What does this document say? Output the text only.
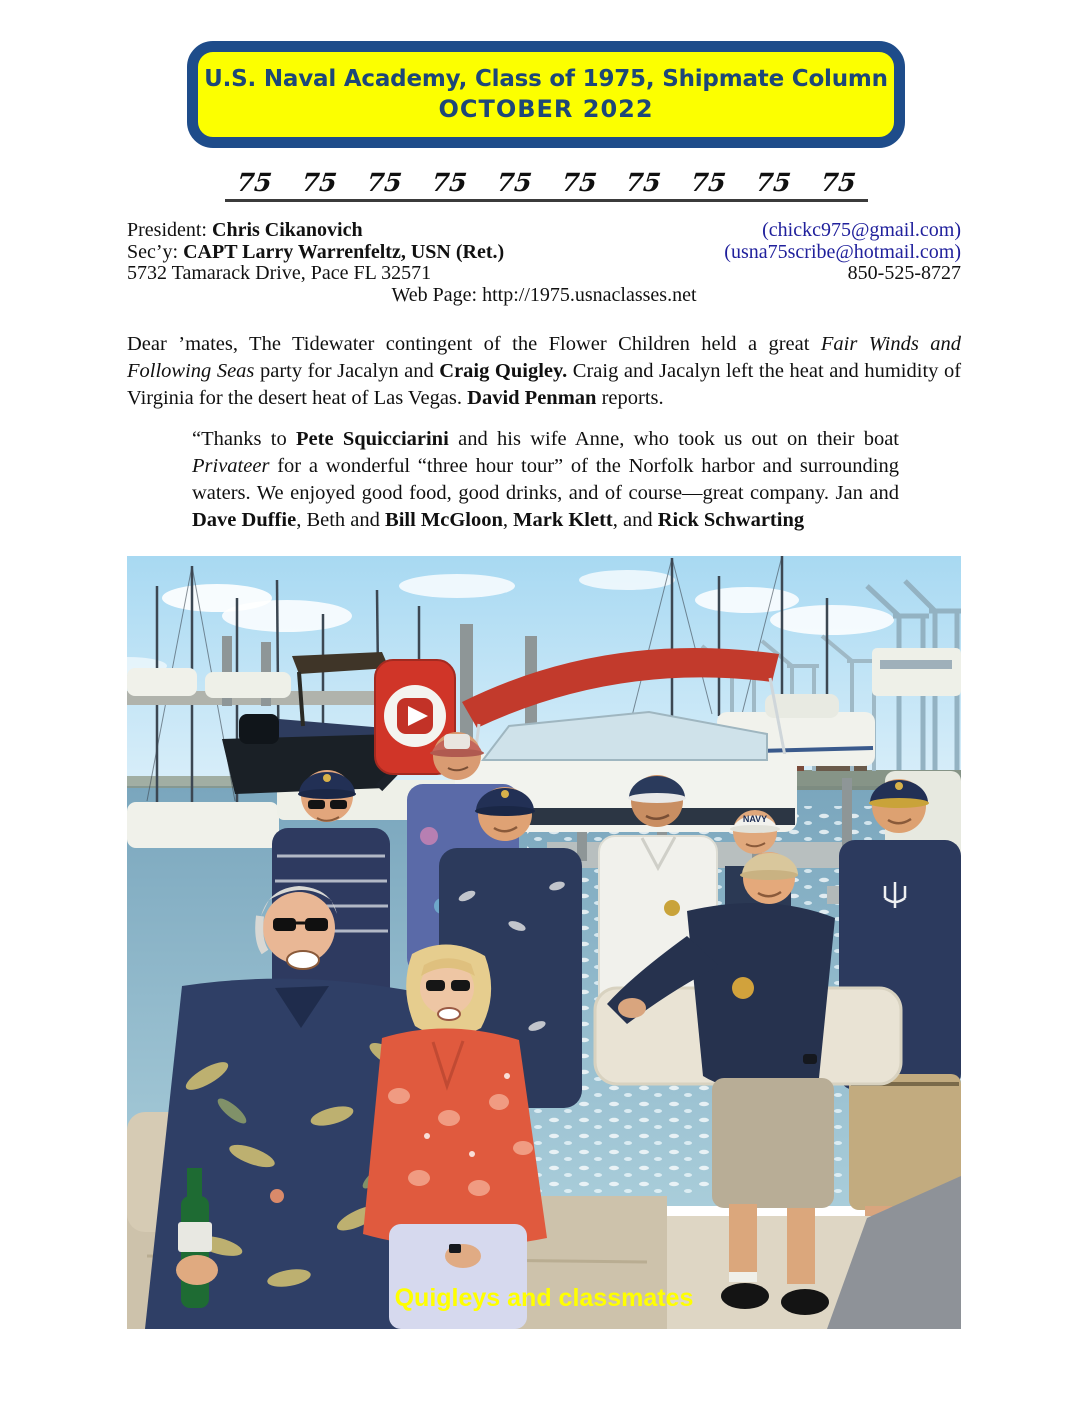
U.S. Naval Academy, Class of 1975, Shipmate Column
OCTOBER 2022
75 75 75 75 75 75 75 75 75 75
President: Chris Cikanovich	(chickc975@gmail.com)
Sec’y: CAPT Larry Warrenfeltz, USN (Ret.)	(usna75scribe@hotmail.com)
5732 Tamarack Drive, Pace FL 32571	850-525-8727
Web Page: http://1975.usnaclasses.net
Dear ’mates, The Tidewater contingent of the Flower Children held a great Fair Winds and Following Seas party for Jacalyn and Craig Quigley. Craig and Jacalyn left the heat and humidity of Virginia for the desert heat of Las Vegas. David Penman reports.
“Thanks to Pete Squicciarini and his wife Anne, who took us out on their boat Privateer for a wonderful “three hour tour” of the Norfolk harbor and surrounding waters. We enjoyed good food, good drinks, and of course—great company. Jan and Dave Duffie, Beth and Bill McGloon, Mark Klett, and Rick Schwarting
NAVY
Quigleys and classmates
